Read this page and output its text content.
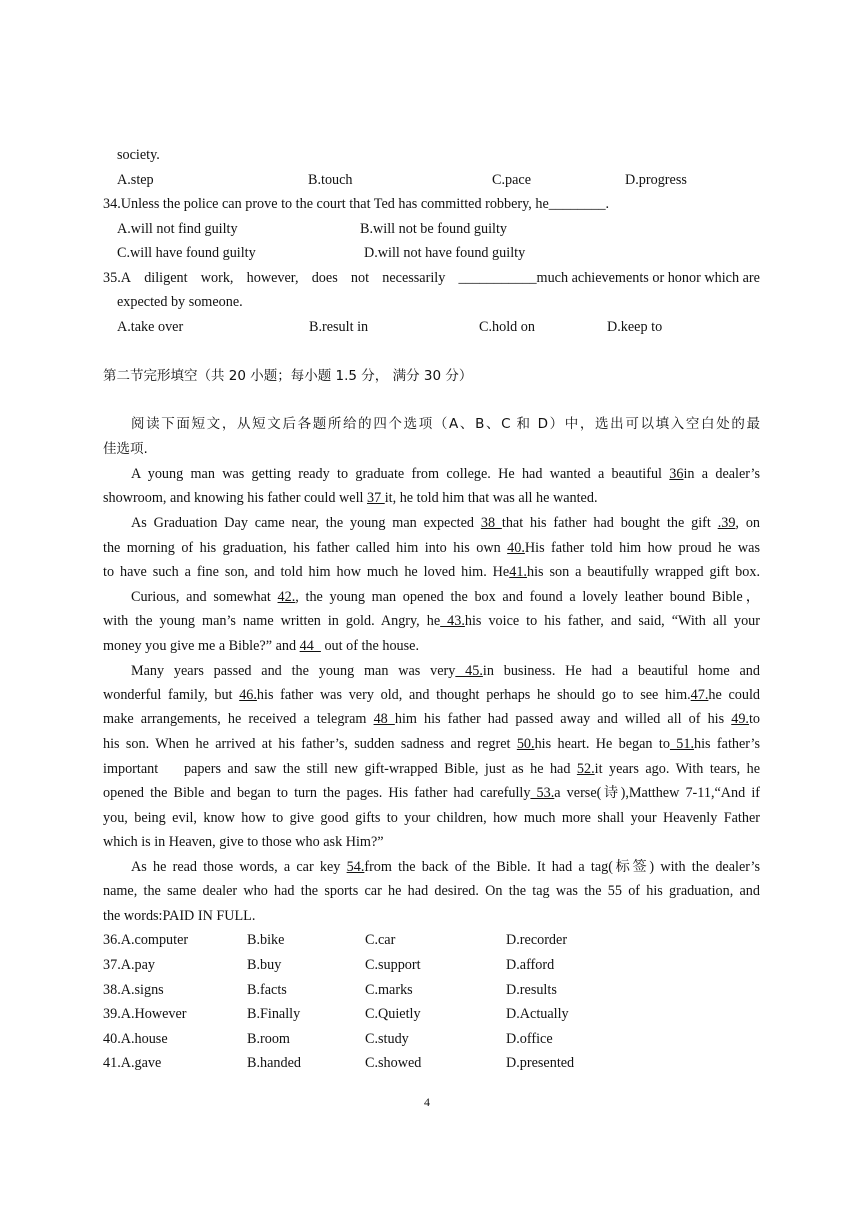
society.
A.step	B.touch	C.pace	D.progress
34.Unless the police can prove to the court that Ted has committed robbery, he________.
A.will not find guilty	B.will not be found guilty
C.will have found guilty	D.will not have found guilty
35.A diligent work, however, does not necessarily ___________much achievements or honor which are
expected by someone.
A.take over	B.result in	C.hold on	D.keep to
第二节完形填空（共 20 小题；每小题 1.5 分， 满分 30 分）
阅读下面短文，从短文后各题所给的四个选项（A、B、C 和 D）中，选出可以填入空白处的最
佳选项.
A young man was getting ready to graduate from college. He had wanted a beautiful 36in a dealer’s
showroom, and knowing his father could well 37 it, he told him that was all he wanted.
As Graduation Day came near, the young man expected 38 that his father had bought the gift .39, on
the morning of his graduation, his father called him into his own 40.His father told him how proud he was
to have such a fine son, and told him how much he loved him. He41.his son a beautifully wrapped gift box.
Curious, and somewhat 42., the young man opened the box and found a lovely leather bound Bible，
with the young man’s name written in gold. Angry, he 43.his voice to his father, and said, “With all your
money you give me a Bible?” and 44   out of the house.
Many years passed and the young man was very 45.in business. He had a beautiful home and
wonderful family, but 46.his father was very old, and thought perhaps he should go to see him.47.he could
make arrangements, he received a telegram 48 him his father had passed away and willed all of his 49.to
his son. When he arrived at his father’s, sudden sadness and regret 50.his heart. He began to 51.his father’s
important    papers and saw the still new gift-wrapped Bible, just as he had 52.it years ago. With tears, he
opened the Bible and began to turn the pages. His father had carefully 53.a verse(诗),Matthew 7-11,“And if
you, being evil, know how to give good gifts to your children, how much more shall your Heavenly Father
which is in Heaven, give to those who ask Him?”
As he read those words, a car key 54.from the back of the Bible. It had a tag(标签) with the dealer’s
name, the same dealer who had the sports car he had desired. On the tag was the 55 of his graduation, and
the words:PAID IN FULL.
36.A.computer	B.bike	C.car	D.recorder
37.A.pay	B.buy	C.support	D.afford
38.A.signs	B.facts	C.marks	D.results
39.A.However	B.Finally	C.Quietly	D.Actually
40.A.house	B.room	C.study	D.office
41.A.gave	B.handed	C.showed	D.presented
4
